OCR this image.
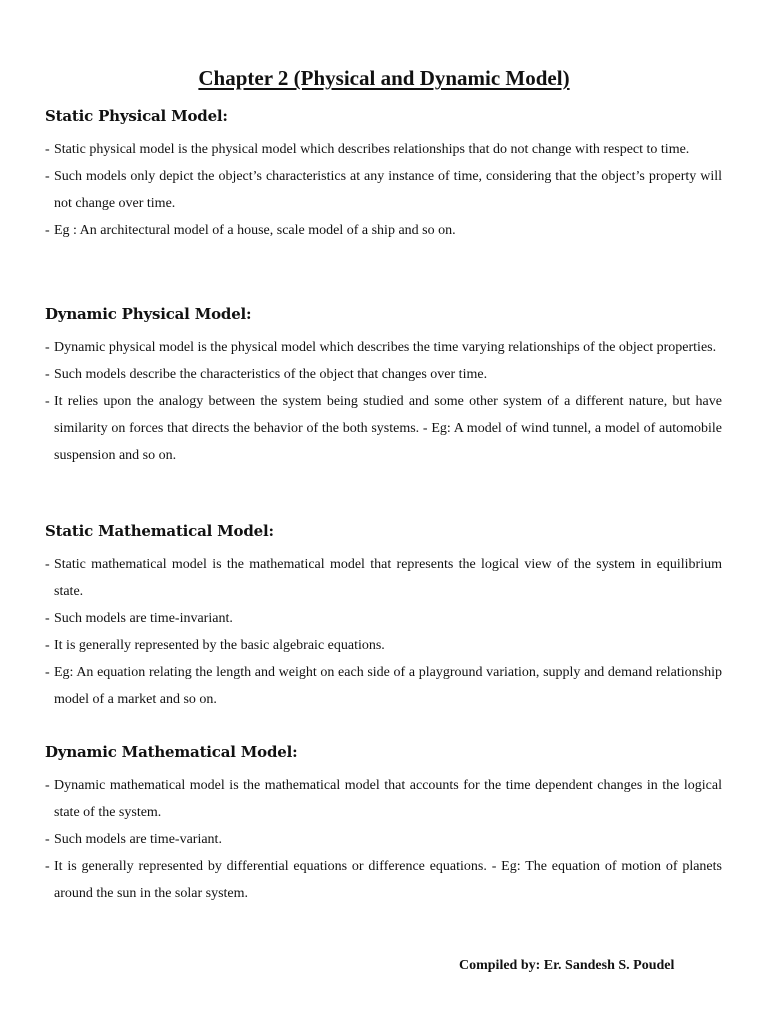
Chapter 2 (Physical and Dynamic Model)
Static Physical Model:
- Static physical model is the physical model which describes relationships that do not change with respect to time.
- Such models only depict the object’s characteristics at any instance of time, considering that the object’s property will not change over time.
- Eg : An architectural model of a house, scale model of a ship and so on.
Dynamic Physical Model:
- Dynamic physical model is the physical model which describes the time varying relationships of the object properties.
- Such models describe the characteristics of the object that changes over time.
- It relies upon the analogy between the system being studied and some other system of a different nature, but have similarity on forces that directs the behavior of the both systems. - Eg: A model of wind tunnel, a model of automobile suspension and so on.
Static Mathematical Model:
- Static mathematical model is the mathematical model that represents the logical view of the system in equilibrium state.
- Such models are time-invariant.
- It is generally represented by the basic algebraic equations.
- Eg: An equation relating the length and weight on each side of a playground variation, supply and demand relationship model of a market and so on.
Dynamic Mathematical Model:
- Dynamic mathematical model is the mathematical model that accounts for the time dependent changes in the logical state of the system.
- Such models are time-variant.
- It is generally represented by differential equations or difference equations. - Eg: The equation of motion of planets around the sun in the solar system.
Compiled by: Er. Sandesh S. Poudel
